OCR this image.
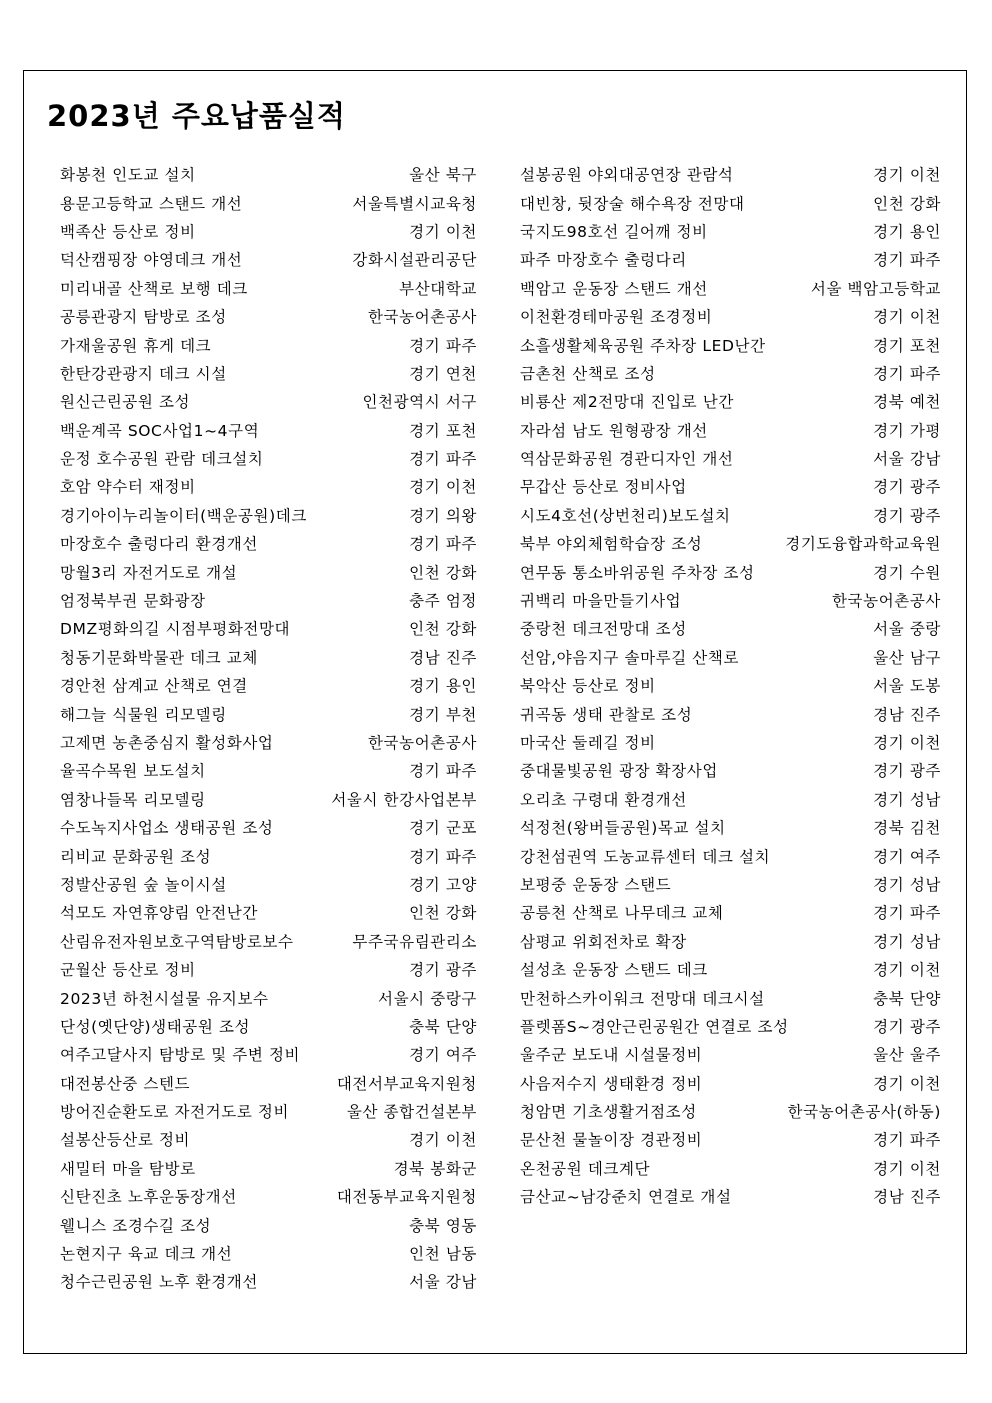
2023년 주요납품실적
화봉천 인도교 설치	울산 북구
용문고등학교 스탠드 개선	서울특별시교육청
백족산 등산로 정비	경기 이천
덕산캠핑장 야영데크 개선	강화시설관리공단
미리내골 산책로 보행 데크	부산대학교
공릉관광지 탐방로 조성	한국농어촌공사
가재울공원 휴게 데크	경기 파주
한탄강관광지 데크 시설	경기 연천
원신근린공원 조성	인천광역시 서구
백운계곡 SOC사업1~4구역	경기 포천
운정 호수공원 관람 데크설치	경기 파주
호암 약수터 재정비	경기 이천
경기아이누리놀이터(백운공원)데크	경기 의왕
마장호수 출렁다리 환경개선	경기 파주
망월3리 자전거도로 개설	인천 강화
엄정북부권 문화광장	충주 엄정
DMZ평화의길 시점부평화전망대	인천 강화
청동기문화박물관 데크 교체	경남 진주
경안천 삼계교 산책로 연결	경기 용인
해그늘 식물원 리모델링	경기 부천
고제면 농촌중심지 활성화사업	한국농어촌공사
율곡수목원 보도설치	경기 파주
염창나들목 리모델링	서울시 한강사업본부
수도녹지사업소 생태공원 조성	경기 군포
리비교 문화공원 조성	경기 파주
정발산공원 숲 놀이시설	경기 고양
석모도 자연휴양림 안전난간	인천 강화
산림유전자원보호구역탐방로보수	무주국유림관리소
군월산 등산로 정비	경기 광주
2023년 하천시설물 유지보수	서울시 중랑구
단성(옛단양)생태공원 조성	충북 단양
여주고달사지 탐방로 및 주변 정비	경기 여주
대전봉산중 스텐드	대전서부교육지원청
방어진순환도로 자전거도로 정비	울산 종합건설본부
설봉산등산로 정비	경기 이천
새밀터 마을 탐방로	경북 봉화군
신탄진초 노후운동장개선	대전동부교육지원청
웰니스 조경수길 조성	충북 영동
논현지구 육교 데크 개선	인천 남동
청수근린공원 노후 환경개선	서울 강남
설봉공원 야외대공연장 관람석	경기 이천
대빈창, 뒷장술 해수욕장 전망대	인천 강화
국지도98호선 길어깨 정비	경기 용인
파주 마장호수 출렁다리	경기 파주
백암고 운동장 스탠드 개선	서울 백암고등학교
이천환경테마공원 조경정비	경기 이천
소흘생활체육공원 주차장 LED난간	경기 포천
금촌천 산책로 조성	경기 파주
비룡산 제2전망대 진입로 난간	경북 예천
자라섬 남도 원형광장 개선	경기 가평
역삼문화공원 경관디자인 개선	서울 강남
무갑산 등산로 정비사업	경기 광주
시도4호선(상번천리)보도설치	경기 광주
북부 야외체험학습장 조성	경기도융합과학교육원
연무동 통소바위공원 주차장 조성	경기 수원
귀백리 마을만들기사업	한국농어촌공사
중랑천 데크전망대 조성	서울 중랑
선암,야음지구 솔마루길 산책로	울산 남구
북악산 등산로 정비	서울 도봉
귀곡동 생태 관찰로 조성	경남 진주
마국산 둘레길 정비	경기 이천
중대물빛공원 광장 확장사업	경기 광주
오리초 구령대 환경개선	경기 성남
석정천(왕버들공원)목교 설치	경북 김천
강천섬권역 도농교류센터 데크 설치	경기 여주
보평중 운동장 스탠드	경기 성남
공릉천 산책로 나무데크 교체	경기 파주
삼평교 위회전차로 확장	경기 성남
설성초 운동장 스탠드 데크	경기 이천
만천하스카이워크 전망대 데크시설	충북 단양
플렛폼S~경안근린공원간 연결로 조성	경기 광주
울주군 보도내 시설물정비	울산 울주
사음저수지 생태환경 정비	경기 이천
청암면 기초생활거점조성	한국농어촌공사(하동)
문산천 물놀이장 경관정비	경기 파주
온천공원 데크계단	경기 이천
금산교~남강준치 연결로 개설	경남 진주
